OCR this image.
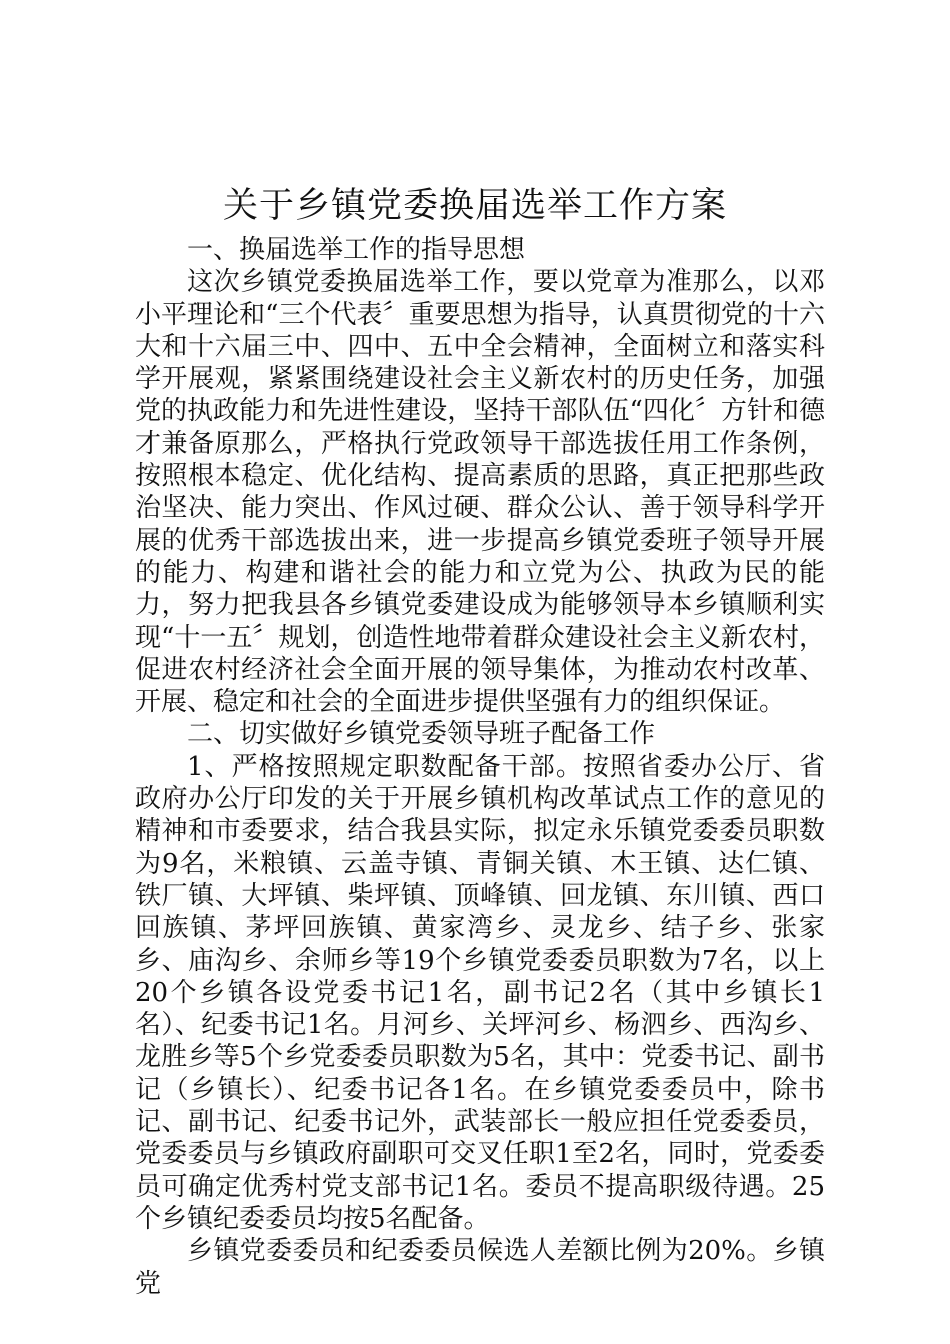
关于乡镇党委换届选举工作方案

一、换届选举工作的指导思想

这次乡镇党委换届选举工作，要以党章为准那么，以邓小平理论和“三个代表〞重要思想为指导，认真贯彻党的十六大和十六届三中、四中、五中全会精神，全面树立和落实科学开展观，紧紧围绕建设社会主义新农村的历史任务，加强党的执政能力和先进性建设，坚持干部队伍“四化〞方针和德才兼备原那么，严格执行党政领导干部选拔任用工作条例，按照根本稳定、优化结构、提高素质的思路，真正把那些政治坚决、能力突出、作风过硬、群众公认、善于领导科学开展的优秀干部选拔出来，进一步提高乡镇党委班子领导开展的能力、构建和谐社会的能力和立党为公、执政为民的能力，努力把我县各乡镇党委建设成为能够领导本乡镇顺利实现“十一五〞规划，创造性地带着群众建设社会主义新农村，促进农村经济社会全面开展的领导集体，为推动农村改革、开展、稳定和社会的全面进步提供坚强有力的组织保证。

二、切实做好乡镇党委领导班子配备工作

1、严格按照规定职数配备干部。按照省委办公厅、省政府办公厅印发的关于开展乡镇机构改革试点工作的意见的精神和市委要求，结合我县实际，拟定永乐镇党委委员职数为9名，米粮镇、云盖寺镇、青铜关镇、木王镇、达仁镇、铁厂镇、大坪镇、柴坪镇、顶峰镇、回龙镇、东川镇、西口回族镇、茅坪回族镇、黄家湾乡、灵龙乡、结子乡、张家乡、庙沟乡、余师乡等19个乡镇党委委员职数为7名，以上20个乡镇各设党委书记1名，副书记2名（其中乡镇长1名）、纪委书记1名。月河乡、关坪河乡、杨泗乡、西沟乡、龙胜乡等5个乡党委委员职数为5名，其中：党委书记、副书记（乡镇长）、纪委书记各1名。在乡镇党委委员中，除书记、副书记、纪委书记外，武装部长一般应担任党委委员，党委委员与乡镇政府副职可交叉任职1至2名，同时，党委委员可确定优秀村党支部书记1名。委员不提高职级待遇。25个乡镇纪委委员均按5名配备。

乡镇党委委员和纪委委员候选人差额比例为20%。乡镇党
